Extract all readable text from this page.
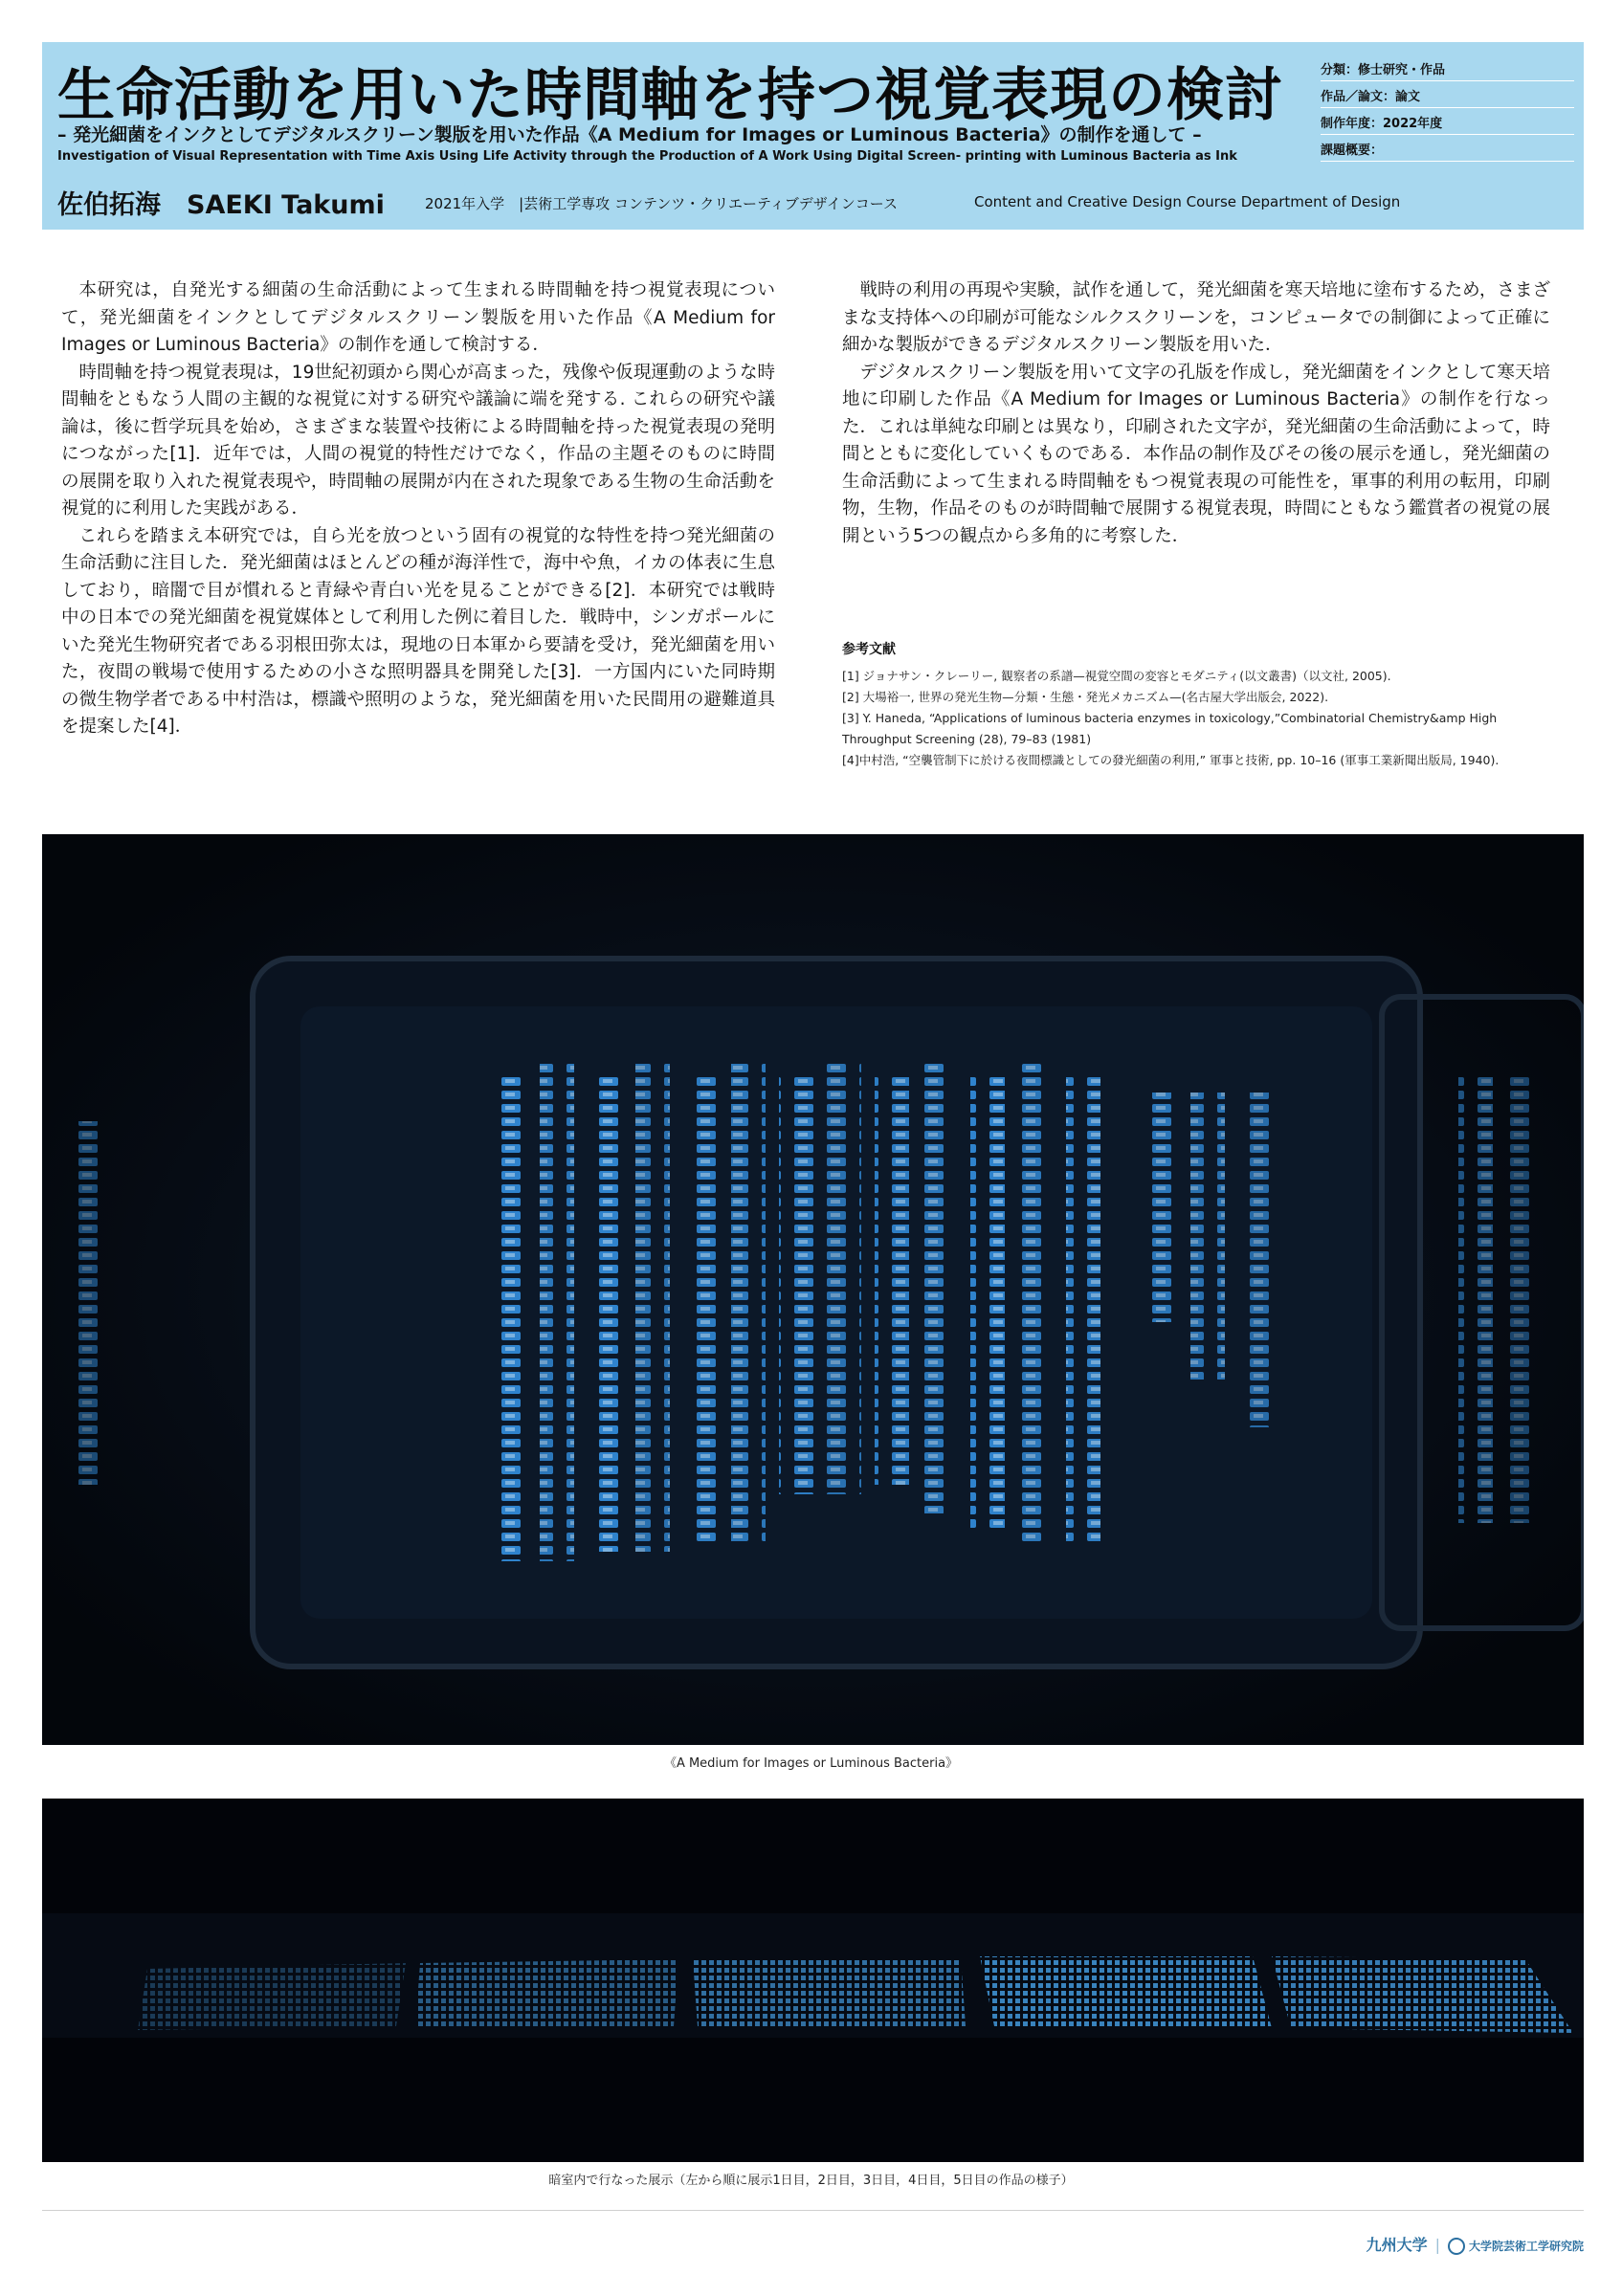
生命活動を用いた時間軸を持つ視覚表現の検討
– 発光細菌をインクとしてデジタルスクリーン製版を用いた作品《A Medium for Images or Luminous Bacteria》の制作を通して –
Investigation of Visual Representation with Time Axis Using Life Activity through the Production of A Work Using Digital Screen- printing with Luminous Bacteria as Ink
佐伯拓海　SAEKI Takumi	2021年入学　|芸術工学専攻 コンテンツ・クリエーティブデザインコース	Content and Creative Design Course Department of Design
分類：修士研究・作品
作品／論文：論文
制作年度：2022年度
課題概要：

本研究は，自発光する細菌の生命活動によって生まれる時間軸を持つ視覚表現について，発光細菌をインクとしてデジタルスクリーン製版を用いた作品《A Medium for Images or Luminous Bacteria》の制作を通して検討する．

時間軸を持つ視覚表現は，19世紀初頭から関心が高まった，残像や仮現運動のような時間軸をともなう人間の主観的な視覚に対する研究や議論に端を発する. これらの研究や議論は，後に哲学玩具を始め，さまざまな装置や技術による時間軸を持った視覚表現の発明につながった[1]．近年では，人間の視覚的特性だけでなく，作品の主題そのものに時間の展開を取り入れた視覚表現や，時間軸の展開が内在された現象である生物の生命活動を視覚的に利用した実践がある．

これらを踏まえ本研究では，自ら光を放つという固有の視覚的な特性を持つ発光細菌の生命活動に注目した．発光細菌はほとんどの種が海洋性で，海中や魚，イカの体表に生息しており，暗闇で目が慣れると青緑や青白い光を見ることができる[2]．本研究では戦時中の日本での発光細菌を視覚媒体として利用した例に着目した．戦時中，シンガポールにいた発光生物研究者である羽根田弥太は，現地の日本軍から要請を受け，発光細菌を用いた，夜間の戦場で使用するための小さな照明器具を開発した[3]．一方国内にいた同時期の微生物学者である中村浩は，標識や照明のような，発光細菌を用いた民間用の避難道具を提案した[4]．

戦時の利用の再現や実験，試作を通して，発光細菌を寒天培地に塗布するため，さまざまな支持体への印刷が可能なシルクスクリーンを，コンピュータでの制御によって正確に細かな製版ができるデジタルスクリーン製版を用いた．

デジタルスクリーン製版を用いて文字の孔版を作成し，発光細菌をインクとして寒天培地に印刷した作品《A Medium for Images or Luminous Bacteria》の制作を行なった．これは単純な印刷とは異なり，印刷された文字が，発光細菌の生命活動によって，時間とともに変化していくものである．本作品の制作及びその後の展示を通し，発光細菌の生命活動によって生まれる時間軸をもつ視覚表現の可能性を，軍事的利用の転用，印刷物，生物，作品そのものが時間軸で展開する視覚表現，時間にともなう鑑賞者の視覚の展開という5つの観点から多角的に考察した．

参考文献
[1] ジョナサン・クレーリー, 観察者の系譜—視覚空間の変容とモダニティ(以文叢書)（以文社, 2005).
[2] 大場裕一, 世界の発光生物—分類・生態・発光メカニズム—(名古屋大学出版会, 2022).
[3] Y. Haneda, “Applications of luminous bacteria enzymes in toxicology,”Combinatorial Chemistry&amp High Throughput Screening (28), 79–83 (1981)
[4]中村浩, “空襲管制下に於ける夜間標識としての發光細菌の利用,” 軍事と技術, pp. 10–16 (軍事工業新聞出版局, 1940).
《A Medium for Images or Luminous Bacteria》
暗室内で行なった展示（左から順に展示1日目，2日目，3日目，4日目，5日目の作品の様子）
九州大学 |	大学院芸術工学研究院
